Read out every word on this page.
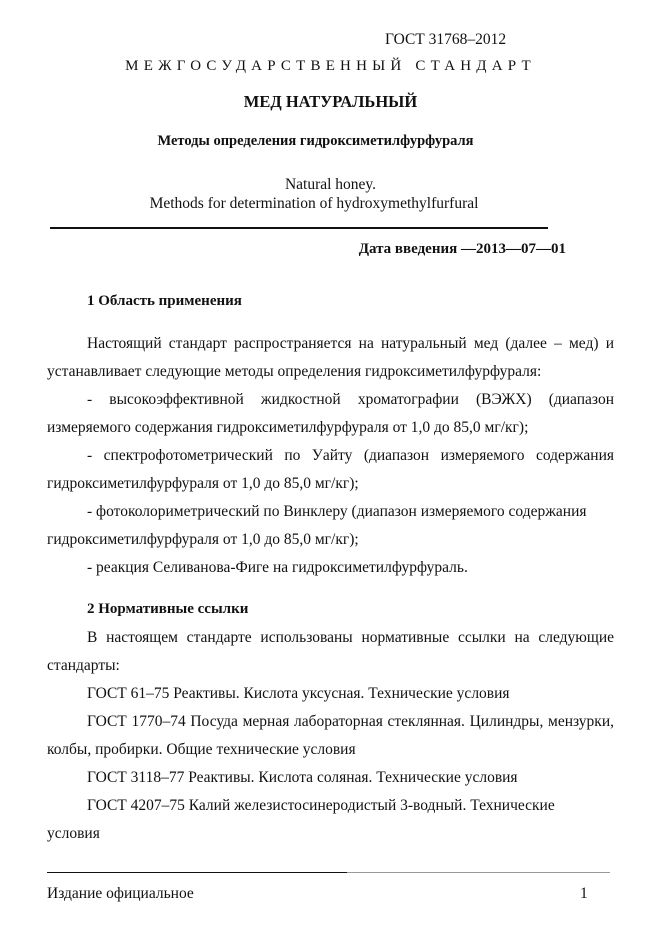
ГОСТ 31768–2012
МЕЖГОСУДАРСТВЕННЫЙ СТАНДАРТ
МЕД НАТУРАЛЬНЫЙ
Методы определения гидроксиметилфурфураля
Natural honey.
Methods for determination of hydroxymethylfurfural
Дата введения —2013—07—01
1 Область применения

Настоящий стандарт распространяется на натуральный мед (далее – мед) и

устанавливает следующие методы определения гидроксиметилфурфураля:

- высокоэффективной жидкостной хроматографии (ВЭЖХ) (диапазон

измеряемого содержания гидроксиметилфурфураля от 1,0 до 85,0 мг/кг);

- спектрофотометрический по Уайту (диапазон измеряемого содержания

гидроксиметилфурфураля от 1,0 до 85,0 мг/кг);

- фотоколориметрический по Винклеру (диапазон измеряемого содержания

гидроксиметилфурфураля от 1,0 до 85,0 мг/кг);

- реакция Селиванова-Фиге на гидроксиметилфурфураль.

2 Нормативные ссылки

В настоящем стандарте использованы нормативные ссылки на следующие

стандарты:

ГОСТ 61–75 Реактивы. Кислота уксусная. Технические условия

ГОСТ 1770–74 Посуда мерная лабораторная стеклянная. Цилиндры, мензурки,

колбы, пробирки. Общие технические условия

ГОСТ 3118–77 Реактивы. Кислота соляная. Технические условия

ГОСТ 4207–75 Калий железистосинеродистый 3-водный. Технические

условия

Издание официальное	1
